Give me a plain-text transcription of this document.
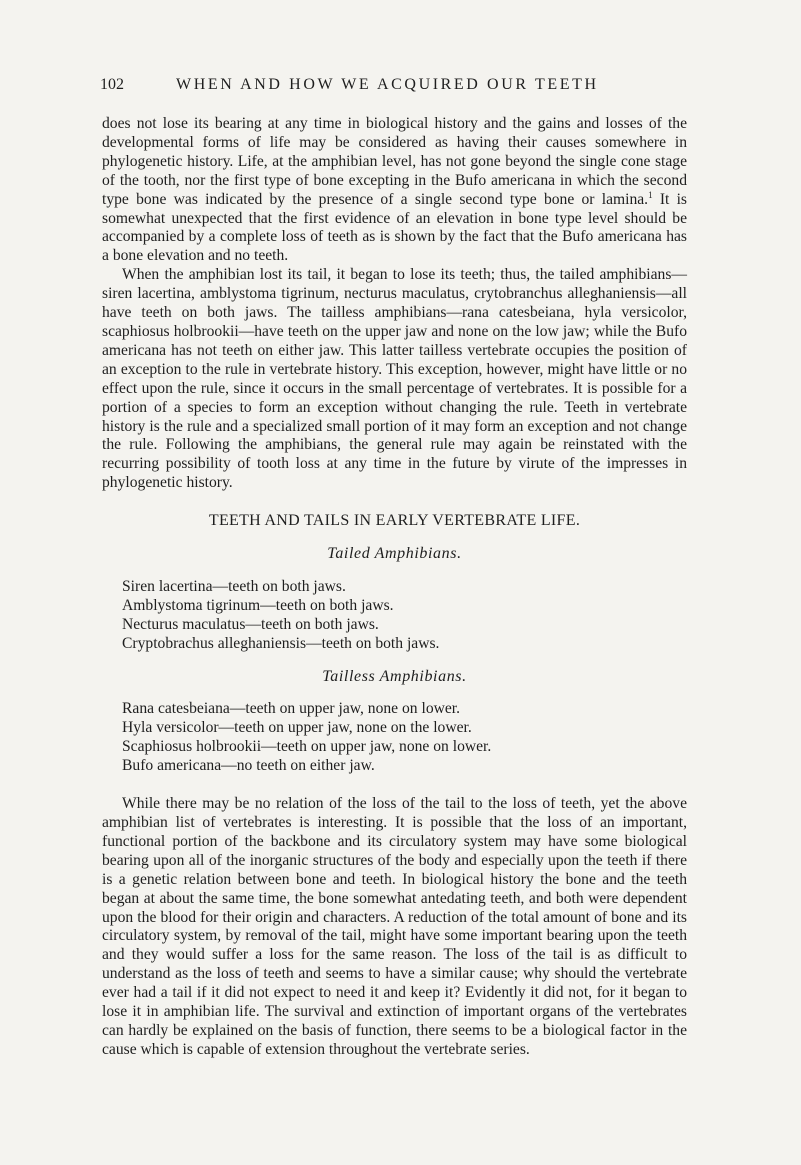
102	WHEN AND HOW WE ACQUIRED OUR TEETH

does not lose its bearing at any time in biological history and the gains and losses of the developmental forms of life may be considered as having their causes somewhere in phylogenetic history. Life, at the amphibian level, has not gone beyond the single cone stage of the tooth, nor the first type of bone excepting in the Bufo americana in which the second type bone was indicated by the presence of a single second type bone or lamina.$^1$ It is somewhat unexpected that the first evidence of an elevation in bone type level should be accompanied by a complete loss of teeth as is shown by the fact that the Bufo americana has a bone elevation and no teeth.

When the amphibian lost its tail, it began to lose its teeth; thus, the tailed amphibians—siren lacertina, amblystoma tigrinum, necturus maculatus, crytobranchus alleghaniensis—all have teeth on both jaws. The tailless amphibians—rana catesbeiana, hyla versicolor, scaphiosus holbrookii—have teeth on the upper jaw and none on the low jaw; while the Bufo americana has not teeth on either jaw. This latter tailless vertebrate occupies the position of an exception to the rule in vertebrate history. This exception, however, might have little or no effect upon the rule, since it occurs in the small percentage of vertebrates. It is possible for a portion of a species to form an exception without changing the rule. Teeth in vertebrate history is the rule and a specialized small portion of it may form an exception and not change the rule. Following the amphibians, the general rule may again be reinstated with the recurring possibility of tooth loss at any time in the future by virute of the impresses in phylogenetic history.

TEETH AND TAILS IN EARLY VERTEBRATE LIFE.
Tailed Amphibians.
Siren lacertina—teeth on both jaws.
Amblystoma tigrinum—teeth on both jaws.
Necturus maculatus—teeth on both jaws.
Cryptobrachus alleghaniensis—teeth on both jaws.
Tailless Amphibians.
Rana catesbeiana—teeth on upper jaw, none on lower.
Hyla versicolor—teeth on upper jaw, none on the lower.
Scaphiosus holbrookii—teeth on upper jaw, none on lower.
Bufo americana—no teeth on either jaw.

While there may be no relation of the loss of the tail to the loss of teeth, yet the above amphibian list of vertebrates is interesting. It is possible that the loss of an important, functional portion of the backbone and its circulatory system may have some biological bearing upon all of the inorganic structures of the body and especially upon the teeth if there is a genetic relation between bone and teeth. In biological history the bone and the teeth began at about the same time, the bone somewhat antedating teeth, and both were dependent upon the blood for their origin and characters. A reduction of the total amount of bone and its circulatory system, by removal of the tail, might have some important bearing upon the teeth and they would suffer a loss for the same reason. The loss of the tail is as difficult to understand as the loss of teeth and seems to have a similar cause; why should the vertebrate ever had a tail if it did not expect to need it and keep it? Evidently it did not, for it began to lose it in amphibian life. The survival and extinction of important organs of the vertebrates can hardly be explained on the basis of function, there seems to be a biological factor in the cause which is capable of extension throughout the vertebrate series.
